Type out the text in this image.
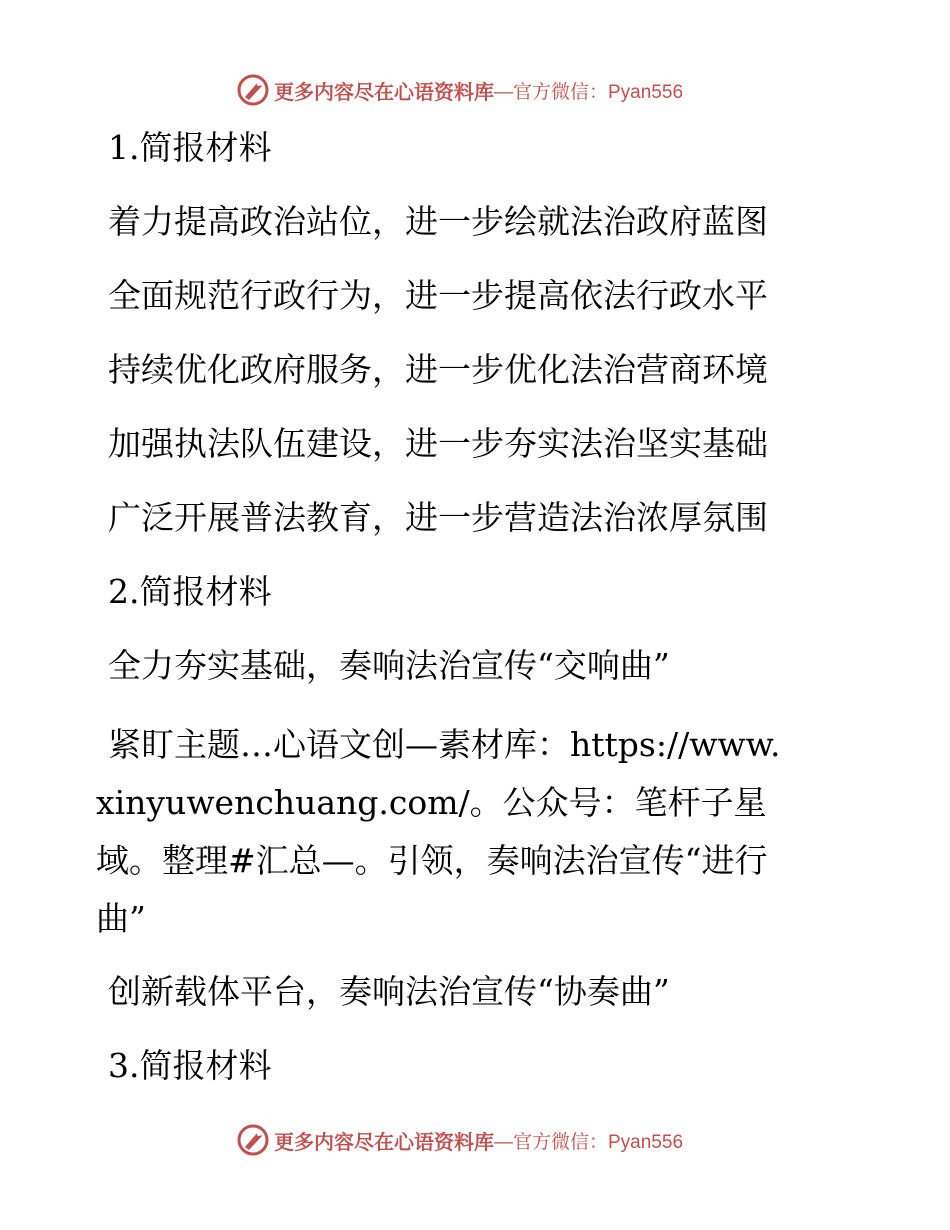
更多内容尽在心语资料库 —官方微信：Pyan556

1.简报材料

着力提高政治站位，进一步绘就法治政府蓝图

全面规范行政行为，进一步提高依法行政水平

持续优化政府服务，进一步优化法治营商环境

加强执法队伍建设，进一步夯实法治坚实基础

广泛开展普法教育，进一步营造法治浓厚氛围

2.简报材料

全力夯实基础，奏响法治宣传“交响曲”

紧盯主题…心语文创—素材库：https://www.xinyuwenchuang.com/。公众号：笔杆子星域。整理#汇总—。引领，奏响法治宣传“进行曲”

创新载体平台，奏响法治宣传“协奏曲”

3.简报材料

更多内容尽在心语资料库 —官方微信：Pyan556
